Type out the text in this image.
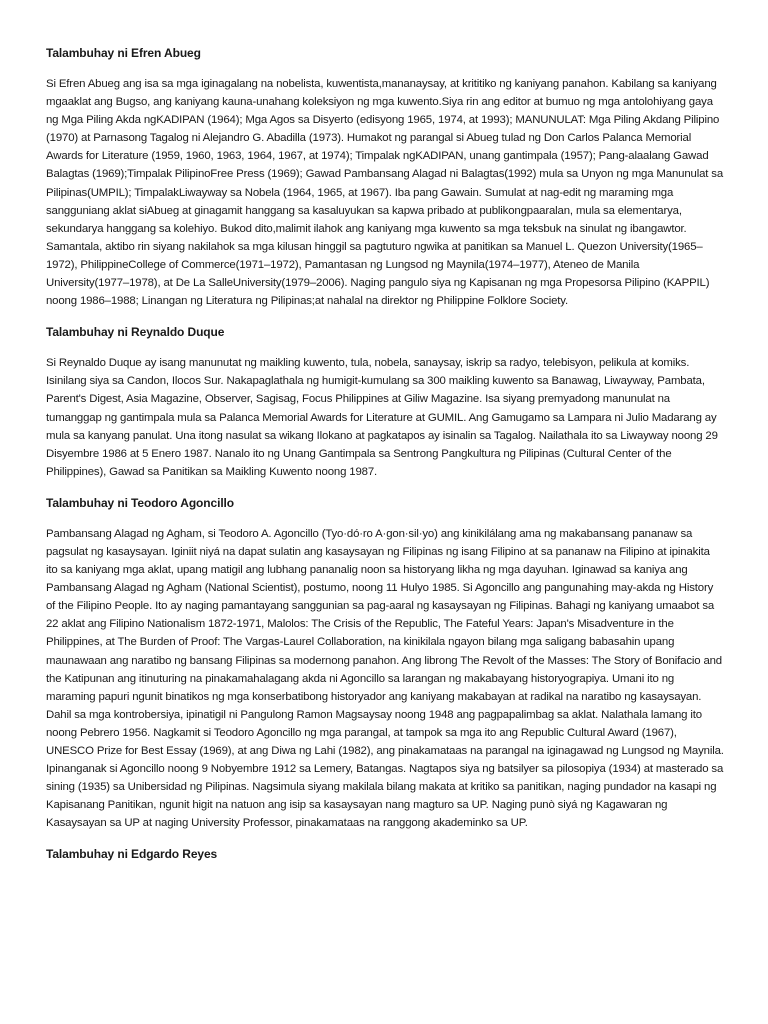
Talambuhay ni Efren Abueg
Si Efren Abueg ang isa sa mga iginagalang na nobelista, kuwentista,mananaysay, at krititiko ng kaniyang panahon. Kabilang sa kaniyang mgaaklat ang Bugso, ang kaniyang kauna-unahang koleksiyon ng mga kuwento.Siya rin ang editor at bumuo ng mga antolohiyang gaya ng Mga Piling Akda ngKADIPAN (1964); Mga Agos sa Disyerto (edisyong 1965, 1974, at 1993); MANUNULAT: Mga Piling Akdang Pilipino (1970) at Parnasong Tagalog ni Alejandro G. Abadilla (1973). Humakot ng parangal si Abueg tulad ng Don Carlos Palanca Memorial Awards for Literature (1959, 1960, 1963, 1964, 1967, at 1974); Timpalak ngKADIPAN, unang gantimpala (1957); Pang-alaalang Gawad Balagtas (1969);Timpalak PilipinoFree Press (1969); Gawad Pambansang Alagad ni Balagtas(1992) mula sa Unyon ng mga Manunulat sa Pilipinas(UMPIL); TimpalakLiwayway sa Nobela (1964, 1965, at 1967). Iba pang Gawain. Sumulat at nag-edit ng maraming mga sangguniang aklat siAbueg at ginagamit hanggang sa kasaluyukan sa kapwa pribado at publikongpaaralan, mula sa elementarya, sekundarya hanggang sa kolehiyo. Bukod dito,malimit ilahok ang kaniyang mga kuwento sa mga teksbuk na sinulat ng ibangawtor. Samantala, aktibo rin siyang nakilahok sa mga kilusan hinggil sa pagtuturo ngwika at panitikan sa Manuel L. Quezon University(1965–1972), PhilippineCollege of Commerce(1971–1972), Pamantasan ng Lungsod ng Maynila(1974–1977), Ateneo de Manila University(1977–1978), at De La SalleUniversity(1979–2006). Naging pangulo siya ng Kapisanan ng mga Propesorsa Pilipino (KAPPIL) noong 1986–1988; Linangan ng Literatura ng Pilipinas;at nahalal na direktor ng Philippine Folklore Society.
Talambuhay ni Reynaldo Duque
Si Reynaldo Duque ay isang manunutat ng maikling kuwento, tula, nobela, sanaysay, iskrip sa radyo, telebisyon, pelikula at komiks. Isinilang siya sa Candon, Ilocos Sur. Nakapaglathala ng humigit-kumulang sa 300 maikling kuwento sa Banawag, Liwayway, Pambata, Parent's Digest, Asia Magazine, Observer, Sagisag, Focus Philippines at Giliw Magazine. Isa siyang premyadong manunulat na tumanggap ng gantimpala mula sa Palanca Memorial Awards for Literature at GUMIL. Ang Gamugamo sa Lampara ni Julio Madarang ay mula sa kanyang panulat. Una itong nasulat sa wikang Ilokano at pagkatapos ay isinalin sa Tagalog. Nailathala ito sa Liwayway noong 29 Disyembre 1986 at 5 Enero 1987. Nanalo ito ng Unang Gantimpala sa Sentrong Pangkultura ng Pilipinas (Cultural Center of the Philippines), Gawad sa Panitikan sa Maikling Kuwento noong 1987.
Talambuhay ni Teodoro Agoncillo
Pambansang Alagad ng Agham, si Teodoro A. Agoncillo (Tyo·dó·ro A·gon·sil·yo) ang kinikilálang ama ng makabansang pananaw sa pagsulat ng kasaysayan. Iginiit niyá na dapat sulatin ang kasaysayan ng Filipinas ng isang Filipino at sa pananaw na Filipino at ipinakita ito sa kaniyang mga aklat, upang matigil ang lubhang pananalig noon sa historyang likha ng mga dayuhan. Iginawad sa kaniya ang Pambansang Alagad ng Agham (National Scientist), postumo, noong 11 Hulyo 1985. Si Agoncillo ang pangunahing may-akda ng History of the Filipino People. Ito ay naging pamantayang sanggunian sa pag-aaral ng kasaysayan ng Filipinas. Bahagi ng kaniyang umaabot sa 22 aklat ang Filipino Nationalism 1872-1971, Malolos: The Crisis of the Republic, The Fateful Years: Japan's Misadventure in the Philippines, at The Burden of Proof: The Vargas-Laurel Collaboration, na kinikilala ngayon bilang mga saligang babasahin upang maunawaan ang naratibo ng bansang Filipinas sa modernong panahon. Ang librong The Revolt of the Masses: The Story of Bonifacio and the Katipunan ang itinuturing na pinakamahalagang akda ni Agoncillo sa larangan ng makabayang historyograpiya. Umani ito ng maraming papuri ngunit binatikos ng mga konserbatibong historyador ang kaniyang makabayan at radikal na naratibo ng kasaysayan. Dahil sa mga kontrobersiya, ipinatigil ni Pangulong Ramon Magsaysay noong 1948 ang pagpapalimbag sa aklat. Nalathala lamang ito noong Pebrero 1956. Nagkamit si Teodoro Agoncillo ng mga parangal, at tampok sa mga ito ang Republic Cultural Award (1967), UNESCO Prize for Best Essay (1969), at ang Diwa ng Lahi (1982), ang pinakamataas na parangal na iginagawad ng Lungsod ng Maynila. Ipinanganak si Agoncillo noong 9 Nobyembre 1912 sa Lemery, Batangas. Nagtapos siya ng batsilyer sa pilosopiya (1934) at masterado sa sining (1935) sa Unibersidad ng Pilipinas. Nagsimula siyang makilala bilang makata at kritiko sa panitikan, naging pundador na kasapi ng Kapisanang Panitikan, ngunit higit na natuon ang isip sa kasaysayan nang magturo sa UP. Naging punò siyá ng Kagawaran ng Kasaysayan sa UP at naging University Professor, pinakamataas na ranggong akademinko sa UP.
Talambuhay ni Edgardo Reyes
